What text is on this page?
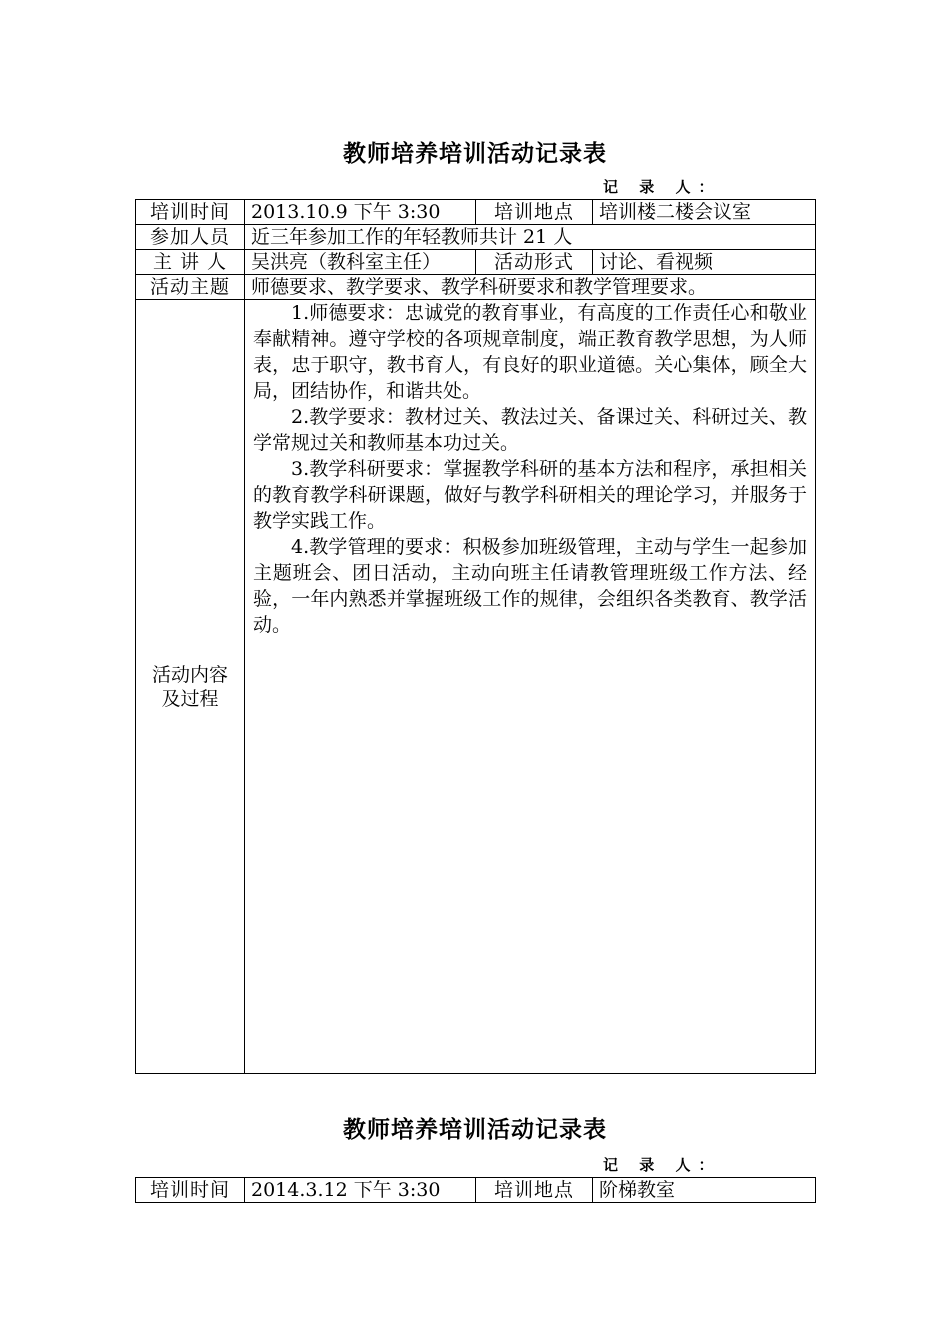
教师培养培训活动记录表
记 录 人：
培训时间	2013.10.9 下午 3:30	培训地点	培训楼二楼会议室
参加人员	近三年参加工作的年轻教师共计 21 人		
主 讲 人	吴洪亮（教科室主任）	活动形式	讨论、看视频
活动主题	师德要求、教学要求、教学科研要求和教学管理要求。		

活动内容及过程	1.师德要求：忠诚党的教育事业，有高度的工作责任心和敬业奉献精神。遵守学校的各项规章制度，端正教育教学思想，为人师表，忠于职守，教书育人，有良好的职业道德。关心集体，顾全大局，团结协作，和谐共处。

2.教学要求：教材过关、教法过关、备课过关、科研过关、教学常规过关和教师基本功过关。

3.教学科研要求：掌握教学科研的基本方法和程序，承担相关的教育教学科研课题，做好与教学科研相关的理论学习，并服务于教学实践工作。

4.教学管理的要求：积极参加班级管理，主动与学生一起参加主题班会、团日活动，主动向班主任请教管理班级工作方法、经验，一年内熟悉并掌握班级工作的规律，会组织各类教育、教学活动。		

教师培养培训活动记录表
记 录 人：
培训时间	2014.3.12 下午 3:30	培训地点	阶梯教室
